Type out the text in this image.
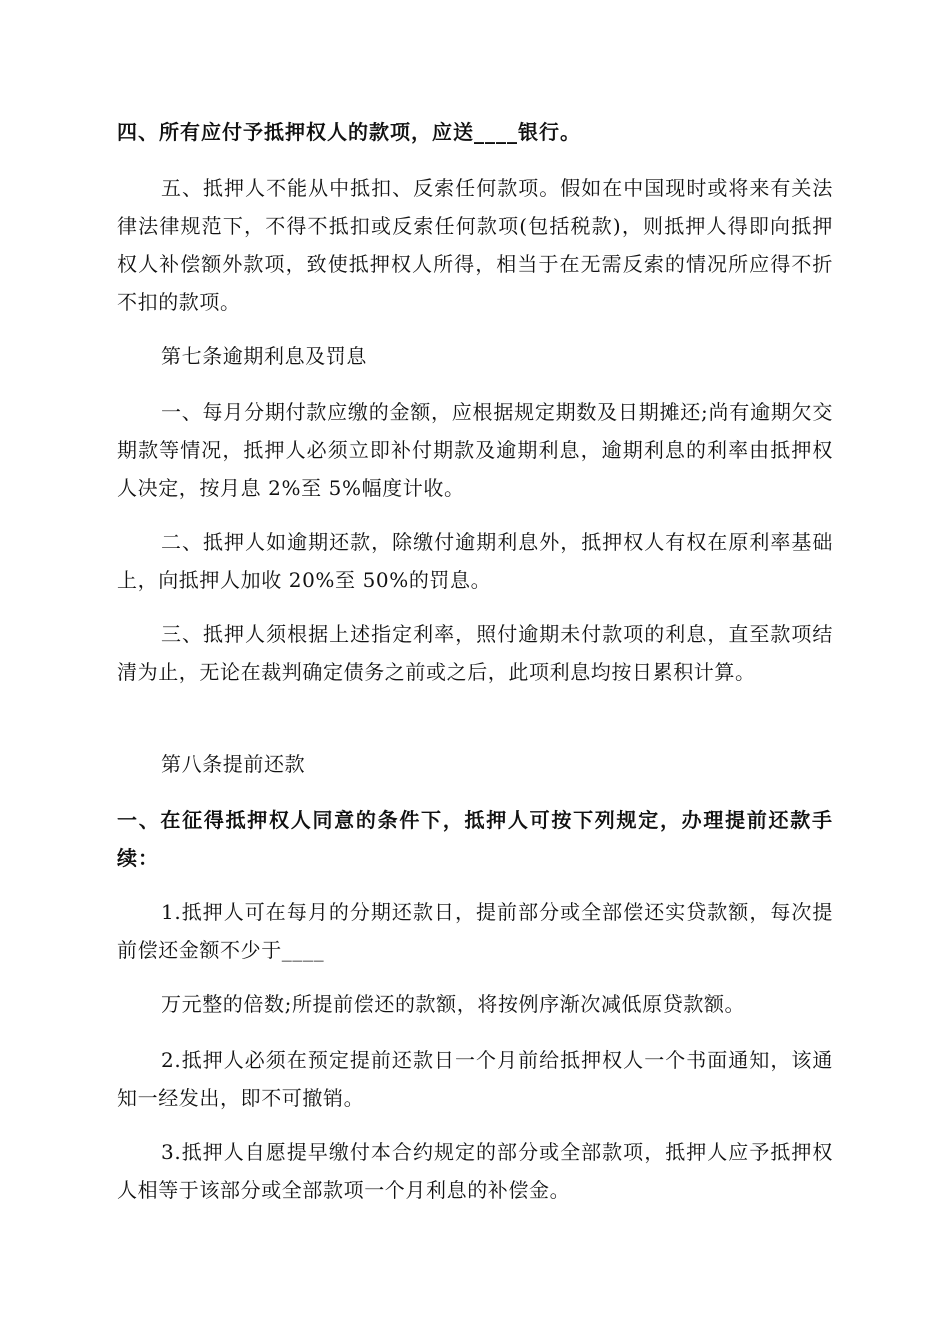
四、所有应付予抵押权人的款项，应送____银行。

五、抵押人不能从中抵扣、反索任何款项。假如在中国现时或将来有关法律法律规范下，不得不抵扣或反索任何款项(包括税款)，则抵押人得即向抵押权人补偿额外款项，致使抵押权人所得，相当于在无需反索的情况所应得不折不扣的款项。

第七条逾期利息及罚息

一、每月分期付款应缴的金额，应根据规定期数及日期摊还;尚有逾期欠交期款等情况，抵押人必须立即补付期款及逾期利息，逾期利息的利率由抵押权人决定，按月息 2%至 5%幅度计收。

二、抵押人如逾期还款，除缴付逾期利息外，抵押权人有权在原利率基础上，向抵押人加收 20%至 50%的罚息。

三、抵押人须根据上述指定利率，照付逾期未付款项的利息，直至款项结清为止，无论在裁判确定债务之前或之后，此项利息均按日累积计算。

第八条提前还款

一、在征得抵押权人同意的条件下，抵押人可按下列规定，办理提前还款手续：

1.抵押人可在每月的分期还款日，提前部分或全部偿还实贷款额，每次提前偿还金额不少于____

万元整的倍数;所提前偿还的款额，将按例序渐次减低原贷款额。

2.抵押人必须在预定提前还款日一个月前给抵押权人一个书面通知，该通知一经发出，即不可撤销。

3.抵押人自愿提早缴付本合约规定的部分或全部款项，抵押人应予抵押权人相等于该部分或全部款项一个月利息的补偿金。
